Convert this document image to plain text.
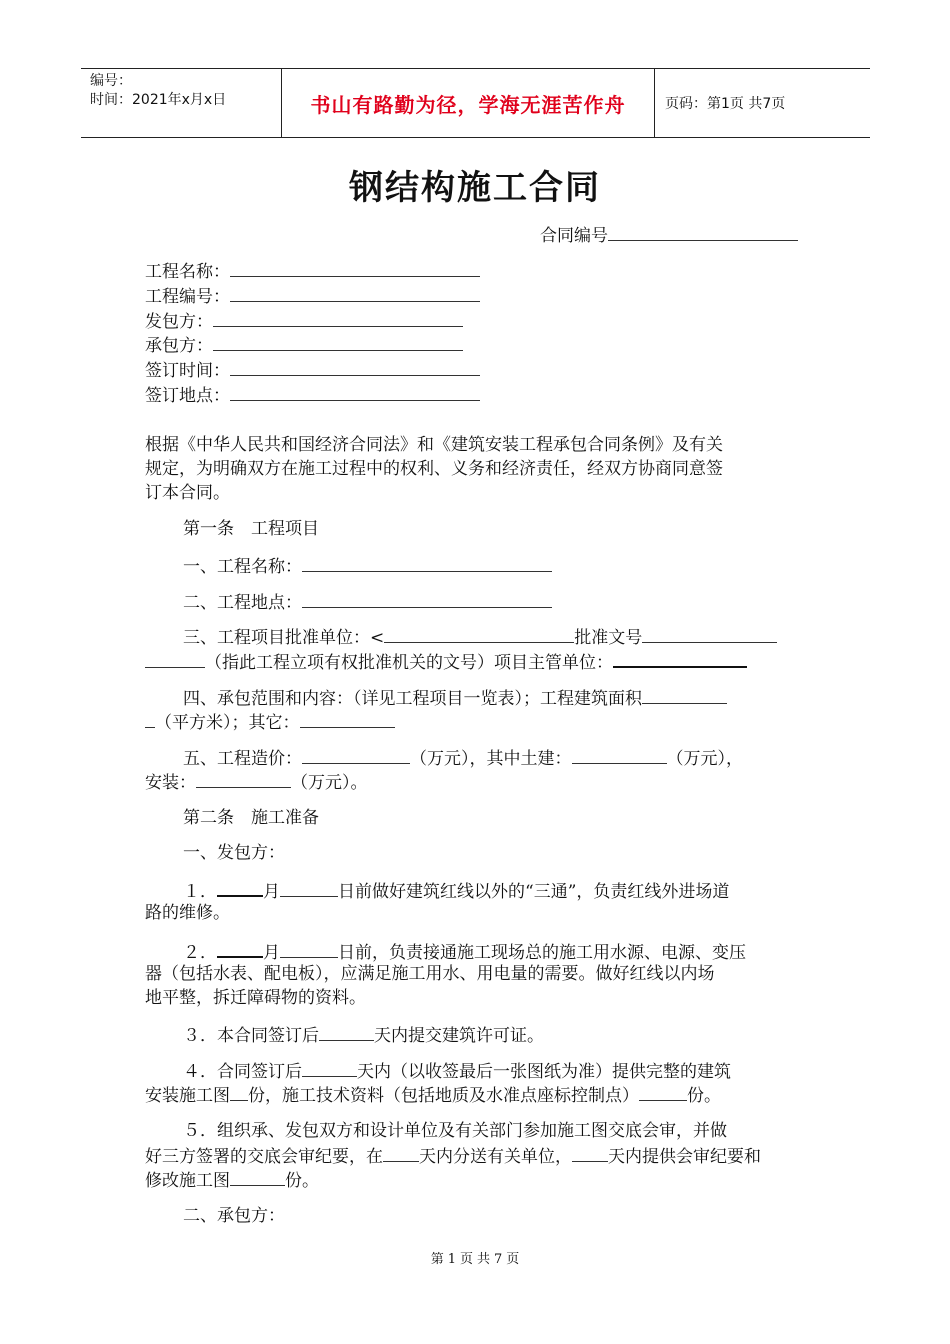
编号：
时间：2021年x月x日	书山有路勤为径，学海无涯苦作舟	页码：第1页 共7页
钢结构施工合同
合同编号
工程名称：
工程编号：
发包方：
承包方：
签订时间：
签订地点：
根据《中华人民共和国经济合同法》和《建筑安装工程承包合同条例》及有关
规定，为明确双方在施工过程中的权利、义务和经济责任，经双方协商同意签
订本合同。
第一条　工程项目
一、工程名称：
二、工程地点：
三、工程项目批准单位：<	批准文号
（指此工程立项有权批准机关的文号）项目主管单位：
四、承包范围和内容：（详见工程项目一览表）；工程建筑面积
（平方米）；其它：
五、工程造价：	（万元），其中土建：	（万元），
安装：	（万元）。
第二条　施工准备
一、发包方：
１．	月	日前做好建筑红线以外的“三通”，负责红线外进场道
路的维修。
２．	月	日前，负责接通施工现场总的施工用水源、电源、变压
器（包括水表、配电板），应满足施工用水、用电量的需要。做好红线以内场
地平整，拆迁障碍物的资料。
３．本合同签订后	天内提交建筑许可证。
４．合同签订后	天内（以收签最后一张图纸为准）提供完整的建筑
安装施工图 份，施工技术资料（包括地质及水准点座标控制点）	份。
５．组织承、发包双方和设计单位及有关部门参加施工图交底会审，并做
好三方签署的交底会审纪要，在 天内分送有关单位， 天内提供会审纪要和
修改施工图	份。
二、承包方：
第 1 页 共 7 页
